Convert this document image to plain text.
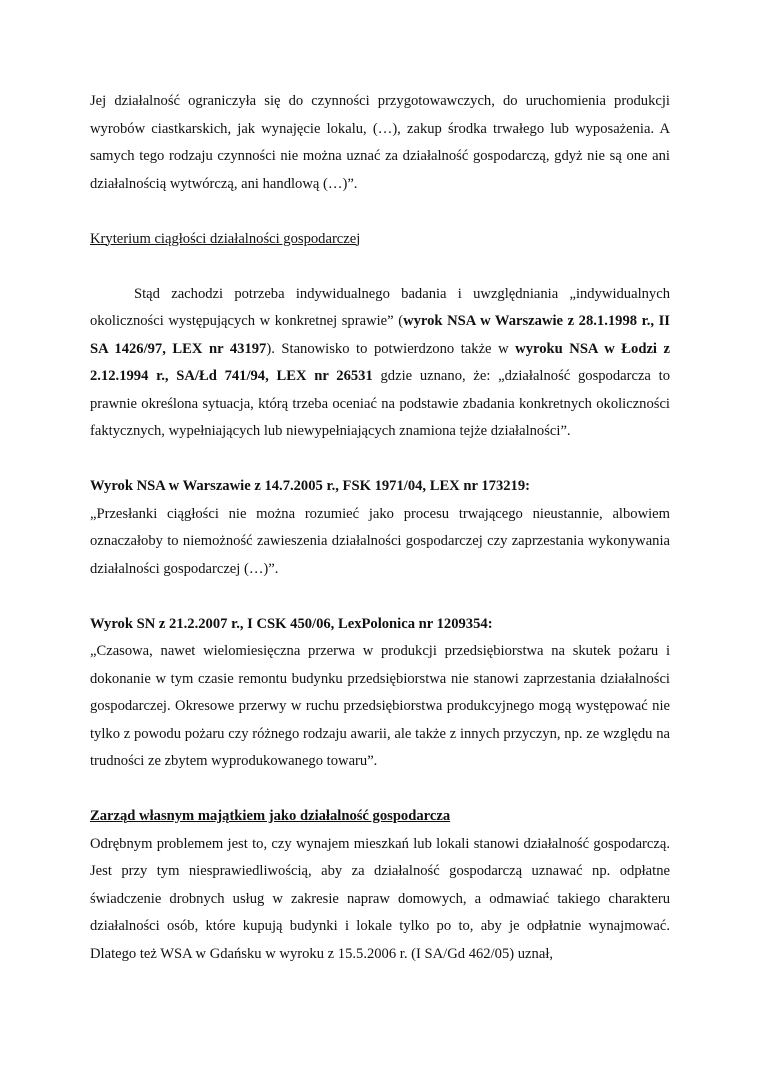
Jej działalność ograniczyła się do czynności przygotowawczych, do uruchomienia produkcji wyrobów ciastkarskich, jak wynajęcie lokalu, (…), zakup środka trwałego lub wyposażenia. A samych tego rodzaju czynności nie można uznać za działalność gospodarczą, gdyż nie są one ani działalnością wytwórczą, ani handlową (…)”.

Kryterium ciągłości działalności gospodarczej

Stąd zachodzi potrzeba indywidualnego badania i uwzględniania „indywidualnych okoliczności występujących w konkretnej sprawie” (wyrok NSA w Warszawie z 28.1.1998 r., II SA 1426/97, LEX nr 43197). Stanowisko to potwierdzono także w wyroku NSA w Łodzi z 2.12.1994 r., SA/Łd 741/94, LEX nr 26531 gdzie uznano, że: „działalność gospodarcza to prawnie określona sytuacja, którą trzeba oceniać na podstawie zbadania konkretnych okoliczności faktycznych, wypełniających lub niewypełniających znamiona tejże działalności”.

Wyrok NSA w Warszawie z 14.7.2005 r., FSK 1971/04, LEX nr 173219:

„Przesłanki ciągłości nie można rozumieć jako procesu trwającego nieustannie, albowiem oznaczałoby to niemożność zawieszenia działalności gospodarczej czy zaprzestania wykonywania działalności gospodarczej (…)”.

Wyrok SN z 21.2.2007 r., I CSK 450/06, LexPolonica nr 1209354:

„Czasowa, nawet wielomiesięczna przerwa w produkcji przedsiębiorstwa na skutek pożaru i dokonanie w tym czasie remontu budynku przedsiębiorstwa nie stanowi zaprzestania działalności gospodarczej. Okresowe przerwy w ruchu przedsiębiorstwa produkcyjnego mogą występować nie tylko z powodu pożaru czy różnego rodzaju awarii, ale także z innych przyczyn, np. ze względu na trudności ze zbytem wyprodukowanego towaru”.

Zarząd własnym majątkiem jako działalność gospodarcza

Odrębnym problemem jest to, czy wynajem mieszkań lub lokali stanowi działalność gospodarczą. Jest przy tym niesprawiedliwością, aby za działalność gospodarczą uznawać np. odpłatne świadczenie drobnych usług w zakresie napraw domowych, a odmawiać takiego charakteru działalności osób, które kupują budynki i lokale tylko po to, aby je odpłatnie wynajmować. Dlatego też WSA w Gdańsku w wyroku z 15.5.2006 r. (I SA/Gd 462/05) uznał,
